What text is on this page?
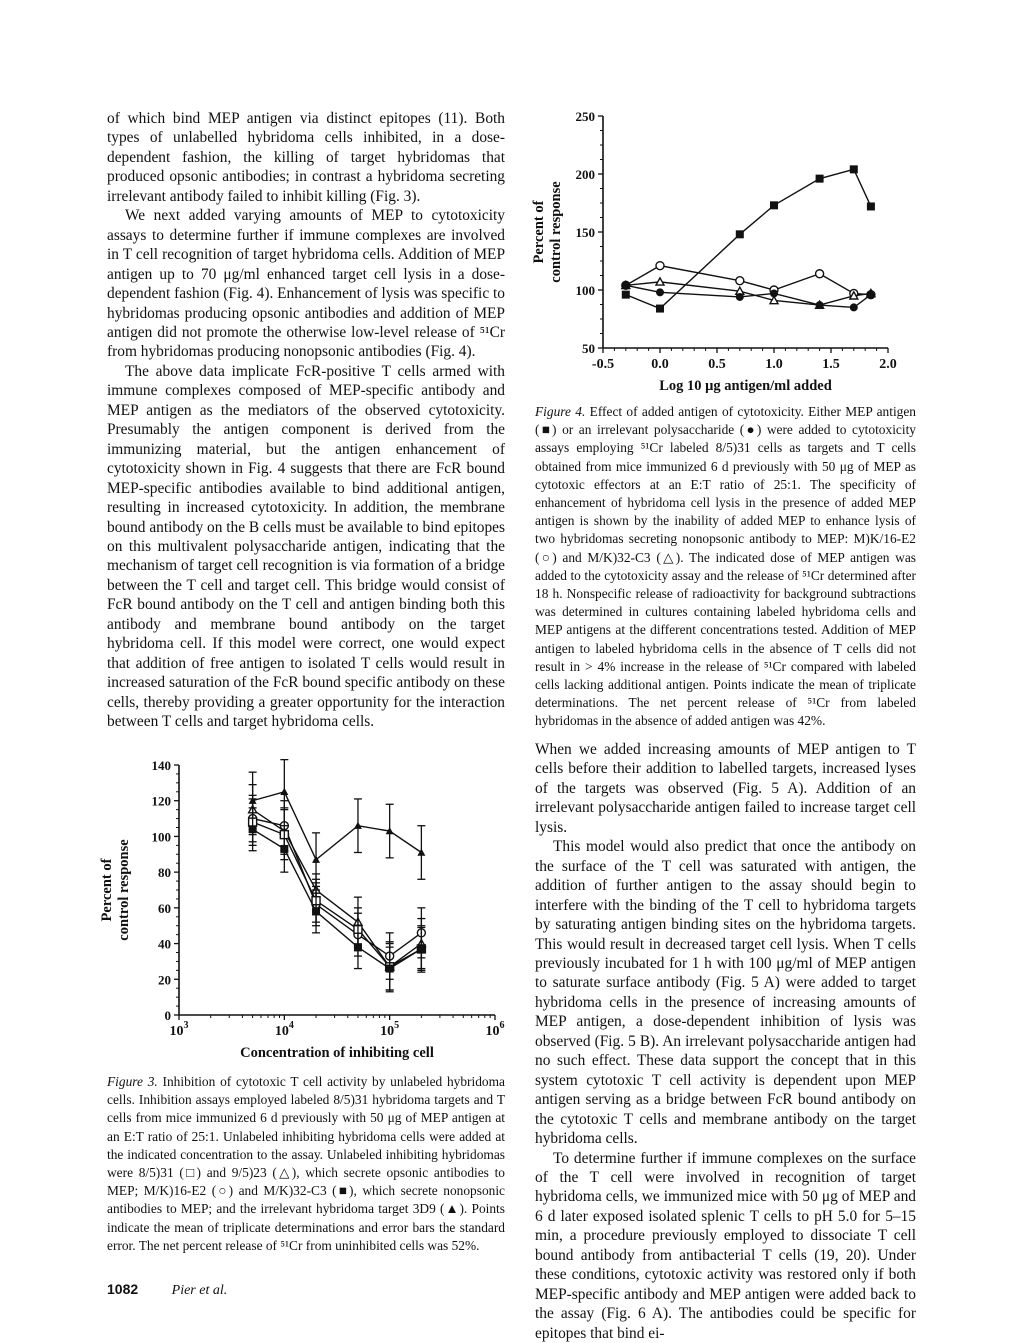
of which bind MEP antigen via distinct epitopes (11). Both types of unlabelled hybridoma cells inhibited, in a dose-dependent fashion, the killing of target hybridomas that produced opsonic antibodies; in contrast a hybridoma secreting irrelevant antibody failed to inhibit killing (Fig. 3).

We next added varying amounts of MEP to cytotoxicity assays to determine further if immune complexes are involved in T cell recognition of target hybridoma cells. Addition of MEP antigen up to 70 μg/ml enhanced target cell lysis in a dose-dependent fashion (Fig. 4). Enhancement of lysis was specific to hybridomas producing opsonic antibodies and addition of MEP antigen did not promote the otherwise low-level release of ⁵¹Cr from hybridomas producing nonopsonic antibodies (Fig. 4).

The above data implicate FcR-positive T cells armed with immune complexes composed of MEP-specific antibody and MEP antigen as the mediators of the observed cytotoxicity. Presumably the antigen component is derived from the immunizing material, but the antigen enhancement of cytotoxicity shown in Fig. 4 suggests that there are FcR bound MEP-specific antibodies available to bind additional antigen, resulting in increased cytotoxicity. In addition, the membrane bound antibody on the B cells must be available to bind epitopes on this multivalent polysaccharide antigen, indicating that the mechanism of target cell recognition is via formation of a bridge between the T cell and target cell. This bridge would consist of FcR bound antibody on the T cell and antigen binding both this antibody and membrane bound antibody on the target hybridoma cell. If this model were correct, one would expect that addition of free antigen to isolated T cells would result in increased saturation of the FcR bound specific antibody on these cells, thereby providing a greater opportunity for the interaction between T cells and target hybridoma cells.

When we added increasing amounts of MEP antigen to T cells before their addition to labelled targets, increased lyses of the targets was observed (Fig. 5 A). Addition of an irrelevant polysaccharide antigen failed to increase target cell lysis.

This model would also predict that once the antibody on the surface of the T cell was saturated with antigen, the addition of further antigen to the assay should begin to interfere with the binding of the T cell to hybridoma targets by saturating antigen binding sites on the hybridoma targets. This would result in decreased target cell lysis. When T cells previously incubated for 1 h with 100 μg/ml of MEP antigen to saturate surface antibody (Fig. 5 A) were added to target hybridoma cells in the presence of increasing amounts of MEP antigen, a dose-dependent inhibition of lysis was observed (Fig. 5 B). An irrelevant polysaccharide antigen had no such effect. These data support the concept that in this system cytotoxic T cell activity is dependent upon MEP antigen serving as a bridge between FcR bound antibody on the cytotoxic T cells and membrane antibody on the target hybridoma cells.

To determine further if immune complexes on the surface of the T cell were involved in recognition of target hybridoma cells, we immunized mice with 50 μg of MEP and 6 d later exposed isolated splenic T cells to pH 5.0 for 5–15 min, a procedure previously employed to dissociate T cell bound antibody from antibacterial T cells (19, 20). Under these conditions, cytotoxic activity was restored only if both MEP-specific antibody and MEP antigen were added back to the assay (Fig. 6 A). The antibodies could be specific for epitopes that bind ei-

50
100
150
200
250
-0.5	0.0	0.5	1.0	1.5	2.0
Log 10 μg antigen/ml added
Percent of control response
0
20
40
60
80
100
120
140
$10^3$	$10^4$	$10^5$	$10^6$
Concentration of inhibiting cell
Percent of control response
Figure 4. Effect of added antigen of cytotoxicity. Either MEP antigen (■) or an irrelevant polysaccharide (●) were added to cytotoxicity assays employing ⁵¹Cr labeled 8/5)31 cells as targets and T cells obtained from mice immunized 6 d previously with 50 μg of MEP as cytotoxic effectors at an E:T ratio of 25:1. The specificity of enhancement of hybridoma cell lysis in the presence of added MEP antigen is shown by the inability of added MEP to enhance lysis of two hybridomas secreting nonopsonic antibody to MEP: M)K/16-E2 (○) and M/K)32-C3 (△). The indicated dose of MEP antigen was added to the cytotoxicity assay and the release of ⁵¹Cr determined after 18 h. Nonspecific release of radioactivity for background subtractions was determined in cultures containing labeled hybridoma cells and MEP antigens at the different concentrations tested. Addition of MEP antigen to labeled hybridoma cells in the absence of T cells did not result in > 4% increase in the release of ⁵¹Cr compared with labeled cells lacking additional antigen. Points indicate the mean of triplicate determinations. The net percent release of ⁵¹Cr from labeled hybridomas in the absence of added antigen was 42%.
Figure 3. Inhibition of cytotoxic T cell activity by unlabeled hybridoma cells. Inhibition assays employed labeled 8/5)31 hybridoma targets and T cells from mice immunized 6 d previously with 50 μg of MEP antigen at an E:T ratio of 25:1. Unlabeled inhibiting hybridoma cells were added at the indicated concentration to the assay. Unlabeled inhibiting hybridomas were 8/5)31 (□) and 9/5)23 (△), which secrete opsonic antibodies to MEP; M/K)16-E2 (○) and M/K)32-C3 (■), which secrete nonopsonic antibodies to MEP; and the irrelevant hybridoma target 3D9 (▲). Points indicate the mean of triplicate determinations and error bars the standard error. The net percent release of ⁵¹Cr from uninhibited cells was 52%.
1082 Pier et al.
